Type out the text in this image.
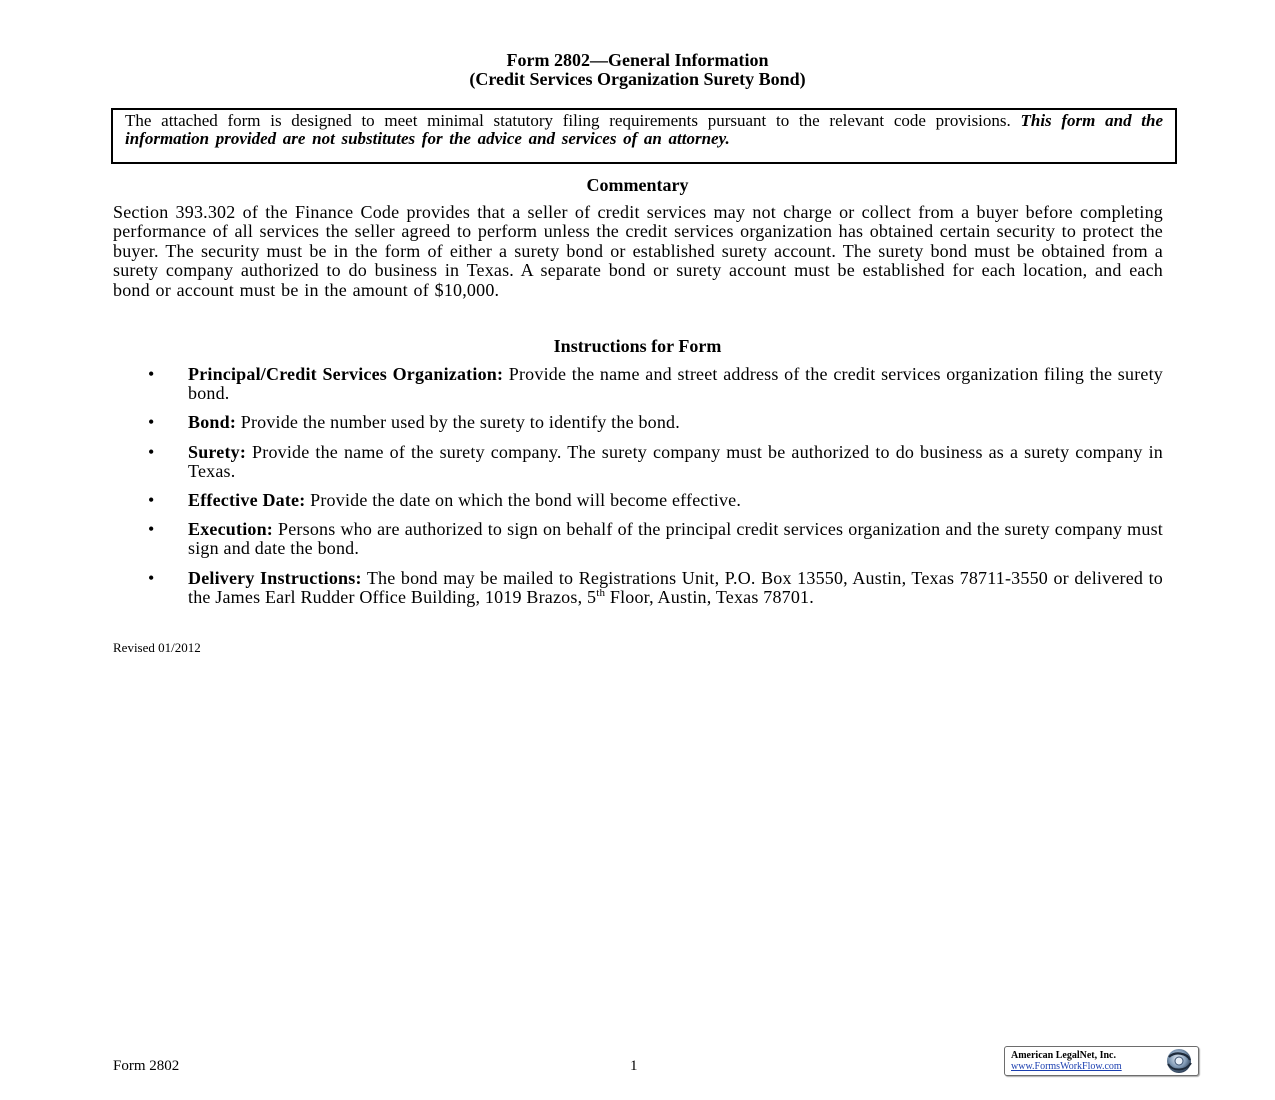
Form 2802—General Information
(Credit Services Organization Surety Bond)
The attached form is designed to meet minimal statutory filing requirements pursuant to the relevant code provisions. This form and the information provided are not substitutes for the advice and services of an attorney.
Commentary
Section 393.302 of the Finance Code provides that a seller of credit services may not charge or collect from a buyer before completing performance of all services the seller agreed to perform unless the credit services organization has obtained certain security to protect the buyer. The security must be in the form of either a surety bond or established surety account. The surety bond must be obtained from a surety company authorized to do business in Texas. A separate bond or surety account must be established for each location, and each bond or account must be in the amount of $10,000.
Instructions for Form
•	Principal/Credit Services Organization: Provide the name and street address of the credit services organization filing the surety bond.
•	Bond: Provide the number used by the surety to identify the bond.
•	Surety: Provide the name of the surety company. The surety company must be authorized to do business as a surety company in Texas.
•	Effective Date: Provide the date on which the bond will become effective.
•	Execution: Persons who are authorized to sign on behalf of the principal credit services organization and the surety company must sign and date the bond.
•	Delivery Instructions: The bond may be mailed to Registrations Unit, P.O. Box 13550, Austin, Texas 78711-3550 or delivered to the James Earl Rudder Office Building, 1019 Brazos, 5th Floor, Austin, Texas 78701.
Revised 01/2012
Form 2802	1
American LegalNet, Inc.
www.FormsWorkFlow.com
